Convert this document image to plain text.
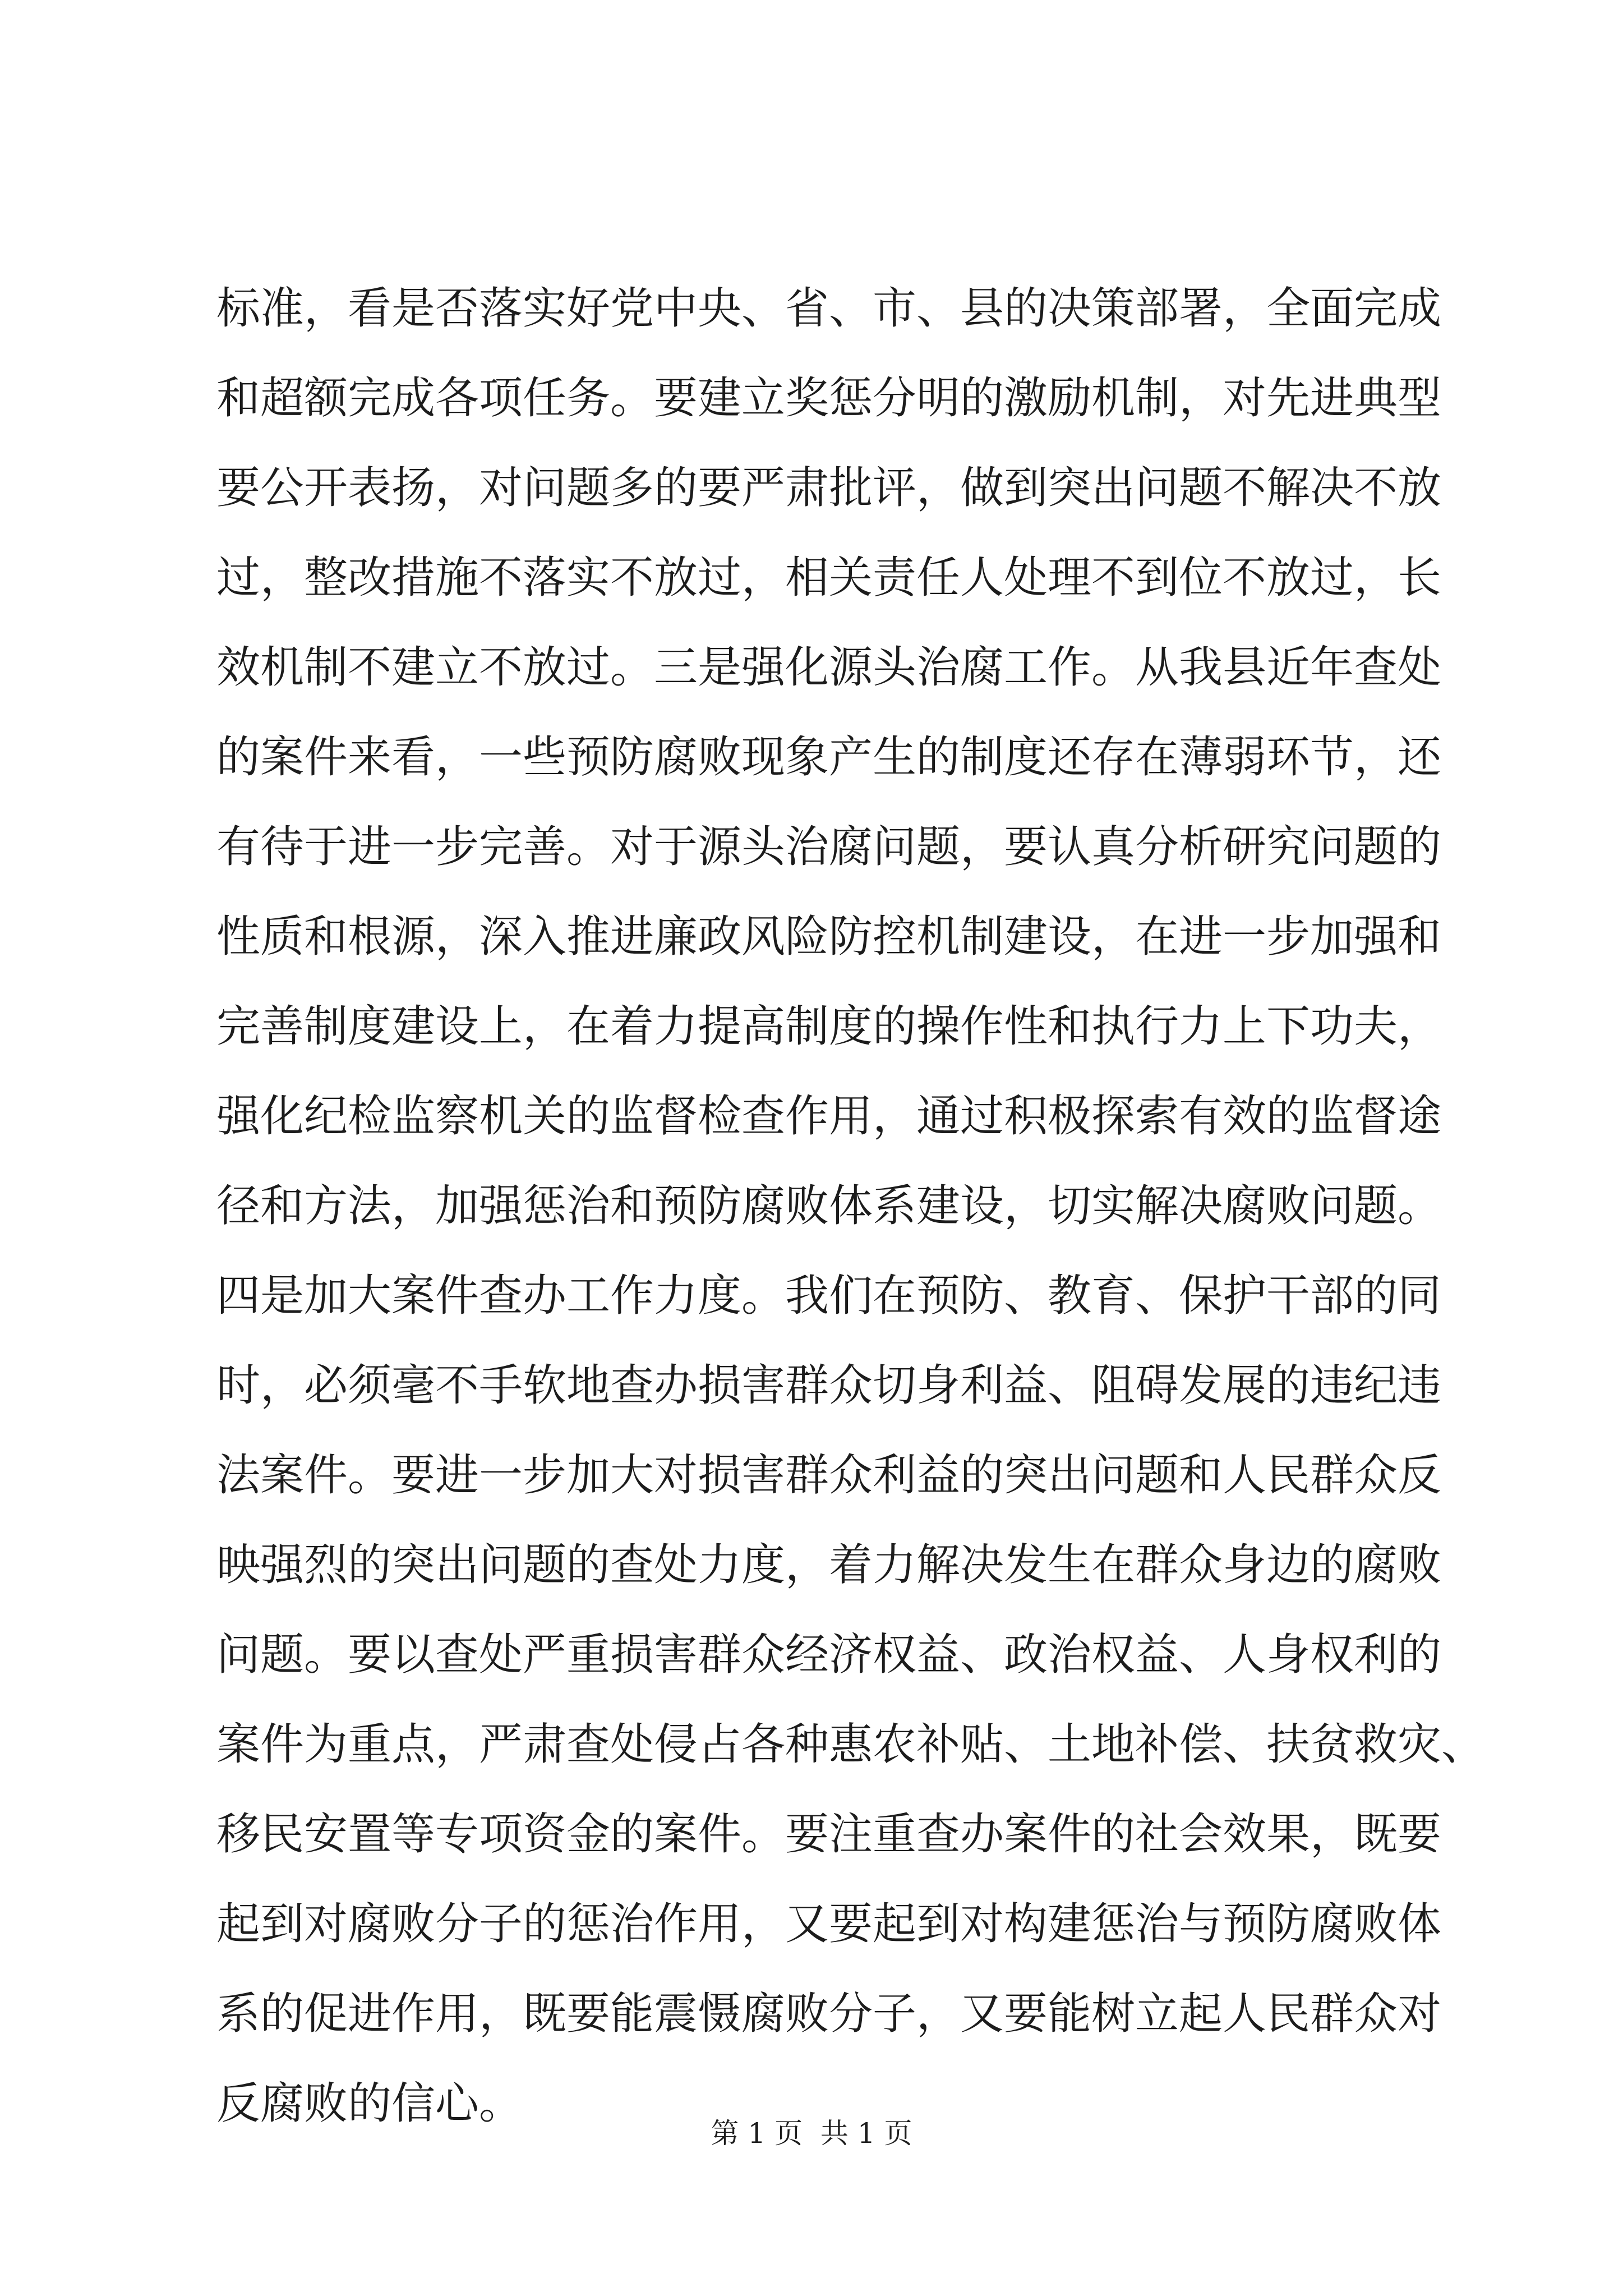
标准，看是否落实好党中央、省、市、县的决策部署，全面完成
和超额完成各项任务。要建立奖惩分明的激励机制，对先进典型
要公开表扬，对问题多的要严肃批评，做到突出问题不解决不放
过，整改措施不落实不放过，相关责任人处理不到位不放过，长
效机制不建立不放过。三是强化源头治腐工作。从我县近年查处
的案件来看，一些预防腐败现象产生的制度还存在薄弱环节，还
有待于进一步完善。对于源头治腐问题，要认真分析研究问题的
性质和根源，深入推进廉政风险防控机制建设，在进一步加强和
完善制度建设上，在着力提高制度的操作性和执行力上下功夫，
强化纪检监察机关的监督检查作用，通过积极探索有效的监督途
径和方法，加强惩治和预防腐败体系建设，切实解决腐败问题。
四是加大案件查办工作力度。我们在预防、教育、保护干部的同
时，必须毫不手软地查办损害群众切身利益、阻碍发展的违纪违
法案件。要进一步加大对损害群众利益的突出问题和人民群众反
映强烈的突出问题的查处力度，着力解决发生在群众身边的腐败
问题。要以查处严重损害群众经济权益、政治权益、人身权利的
案件为重点，严肃查处侵占各种惠农补贴、土地补偿、扶贫救灾、
移民安置等专项资金的案件。要注重查办案件的社会效果，既要
起到对腐败分子的惩治作用，又要起到对构建惩治与预防腐败体
系的促进作用，既要能震慑腐败分子，又要能树立起人民群众对
反腐败的信心。
第 1 页  共 1 页
